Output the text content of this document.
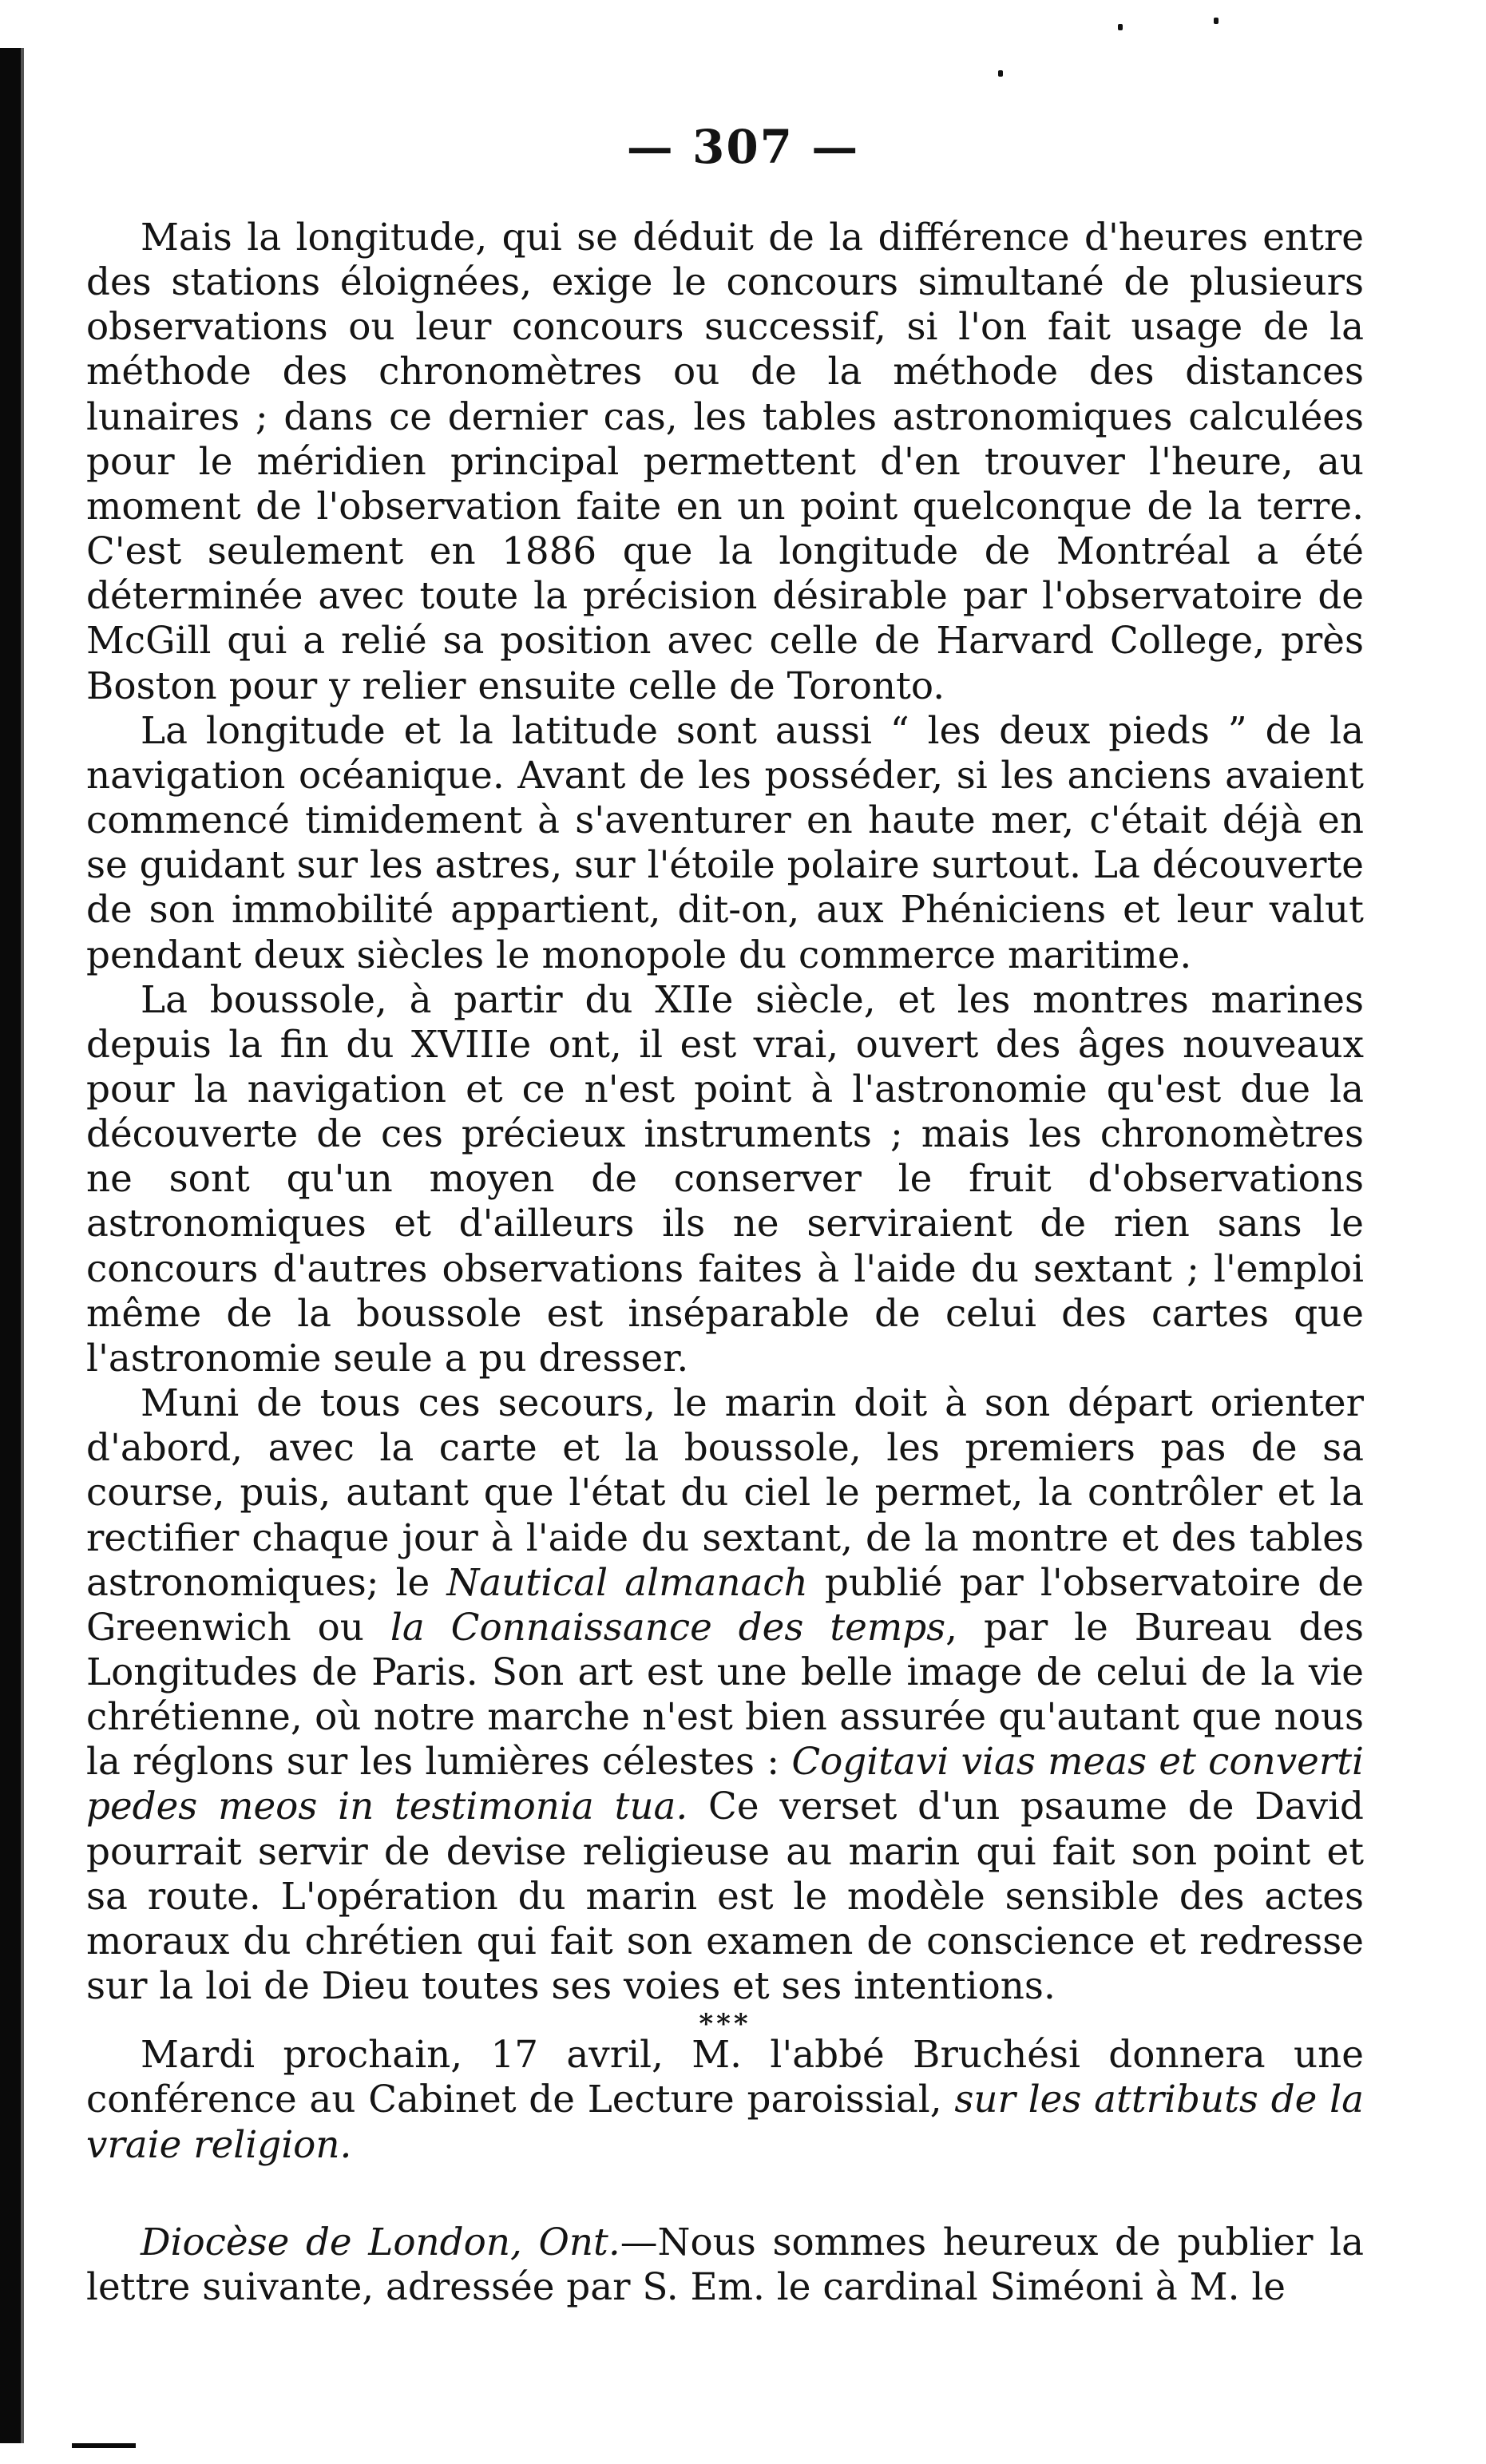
— 307 —

Mais la longitude, qui se déduit de la différence d'heures entre des stations éloignées, exige le concours simultané de plusieurs observations ou leur concours successif, si l'on fait usage de la méthode des chronomètres ou de la méthode des distances lunaires ; dans ce dernier cas, les tables astronomiques calculées pour le méridien principal permettent d'en trouver l'heure, au moment de l'observation faite en un point quelconque de la terre. C'est seulement en 1886 que la longitude de Montréal a été déterminée avec toute la précision désirable par l'observatoire de McGill qui a relié sa position avec celle de Harvard College, près Boston pour y relier ensuite celle de Toronto.

La longitude et la latitude sont aussi “ les deux pieds ” de la navigation océanique. Avant de les posséder, si les anciens avaient commencé timidement à s'aventurer en haute mer, c'était déjà en se guidant sur les astres, sur l'étoile polaire surtout. La découverte de son immobilité appartient, dit-on, aux Phéniciens et leur valut pendant deux siècles le monopole du commerce maritime.

La boussole, à partir du XIIe siècle, et les montres marines depuis la fin du XVIIIe ont, il est vrai, ouvert des âges nouveaux pour la navigation et ce n'est point à l'astronomie qu'est due la découverte de ces précieux instruments ; mais les chronomètres ne sont qu'un moyen de conserver le fruit d'observations astronomiques et d'ailleurs ils ne serviraient de rien sans le concours d'autres observations faites à l'aide du sextant ; l'emploi même de la boussole est inséparable de celui des cartes que l'astronomie seule a pu dresser.

Muni de tous ces secours, le marin doit à son départ orienter d'abord, avec la carte et la boussole, les premiers pas de sa course, puis, autant que l'état du ciel le permet, la contrôler et la rectifier chaque jour à l'aide du sextant, de la montre et des tables astronomiques; le Nautical almanach publié par l'observatoire de Greenwich ou la Connaissance des temps, par le Bureau des Longitudes de Paris. Son art est une belle image de celui de la vie chrétienne, où notre marche n'est bien assurée qu'autant que nous la réglons sur les lumières célestes : Cogitavi vias meas et converti pedes meos in testimonia tua. Ce verset d'un psaume de David pourrait servir de devise religieuse au marin qui fait son point et sa route. L'opération du marin est le modèle sensible des actes moraux du chrétien qui fait son examen de conscience et redresse sur la loi de Dieu toutes ses voies et ses intentions.

***

Mardi prochain, 17 avril, M. l'abbé Bruchési donnera une conférence au Cabinet de Lecture paroissial, sur les attributs de la vraie religion.

Diocèse de London, Ont.—Nous sommes heureux de publier la lettre suivante, adressée par S. Em. le cardinal Siméoni à M. le
